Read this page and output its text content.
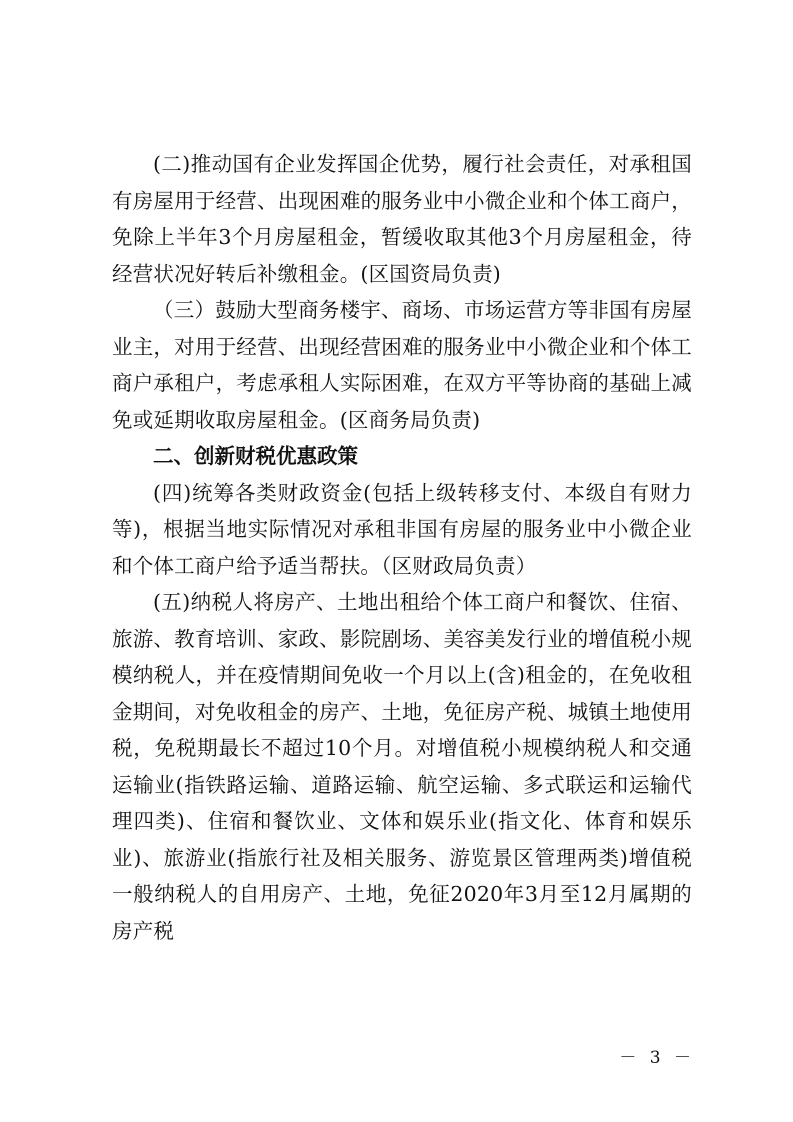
(二)推动国有企业发挥国企优势，履行社会责任，对承租国有房屋用于经营、出现困难的服务业中小微企业和个体工商户，免除上半年3个月房屋租金，暂缓收取其他3个月房屋租金，待经营状况好转后补缴租金。(区国资局负责)

（三）鼓励大型商务楼宇、商场、市场运营方等非国有房屋业主，对用于经营、出现经营困难的服务业中小微企业和个体工商户承租户，考虑承租人实际困难，在双方平等协商的基础上减免或延期收取房屋租金。(区商务局负责)

二、创新财税优惠政策

(四)统筹各类财政资金(包括上级转移支付、本级自有财力等)，根据当地实际情况对承租非国有房屋的服务业中小微企业和个体工商户给予适当帮扶。（区财政局负责）

(五)纳税人将房产、土地出租给个体工商户和餐饮、住宿、旅游、教育培训、家政、影院剧场、美容美发行业的增值税小规模纳税人，并在疫情期间免收一个月以上(含)租金的，在免收租金期间，对免收租金的房产、土地，免征房产税、城镇土地使用税，免税期最长不超过10个月。对增值税小规模纳税人和交通运输业(指铁路运输、道路运输、航空运输、多式联运和运输代理四类)、住宿和餐饮业、文体和娱乐业(指文化、体育和娱乐业)、旅游业(指旅行社及相关服务、游览景区管理两类)增值税一般纳税人的自用房产、土地，免征2020年3月至12月属期的房产税

－ 3 －
